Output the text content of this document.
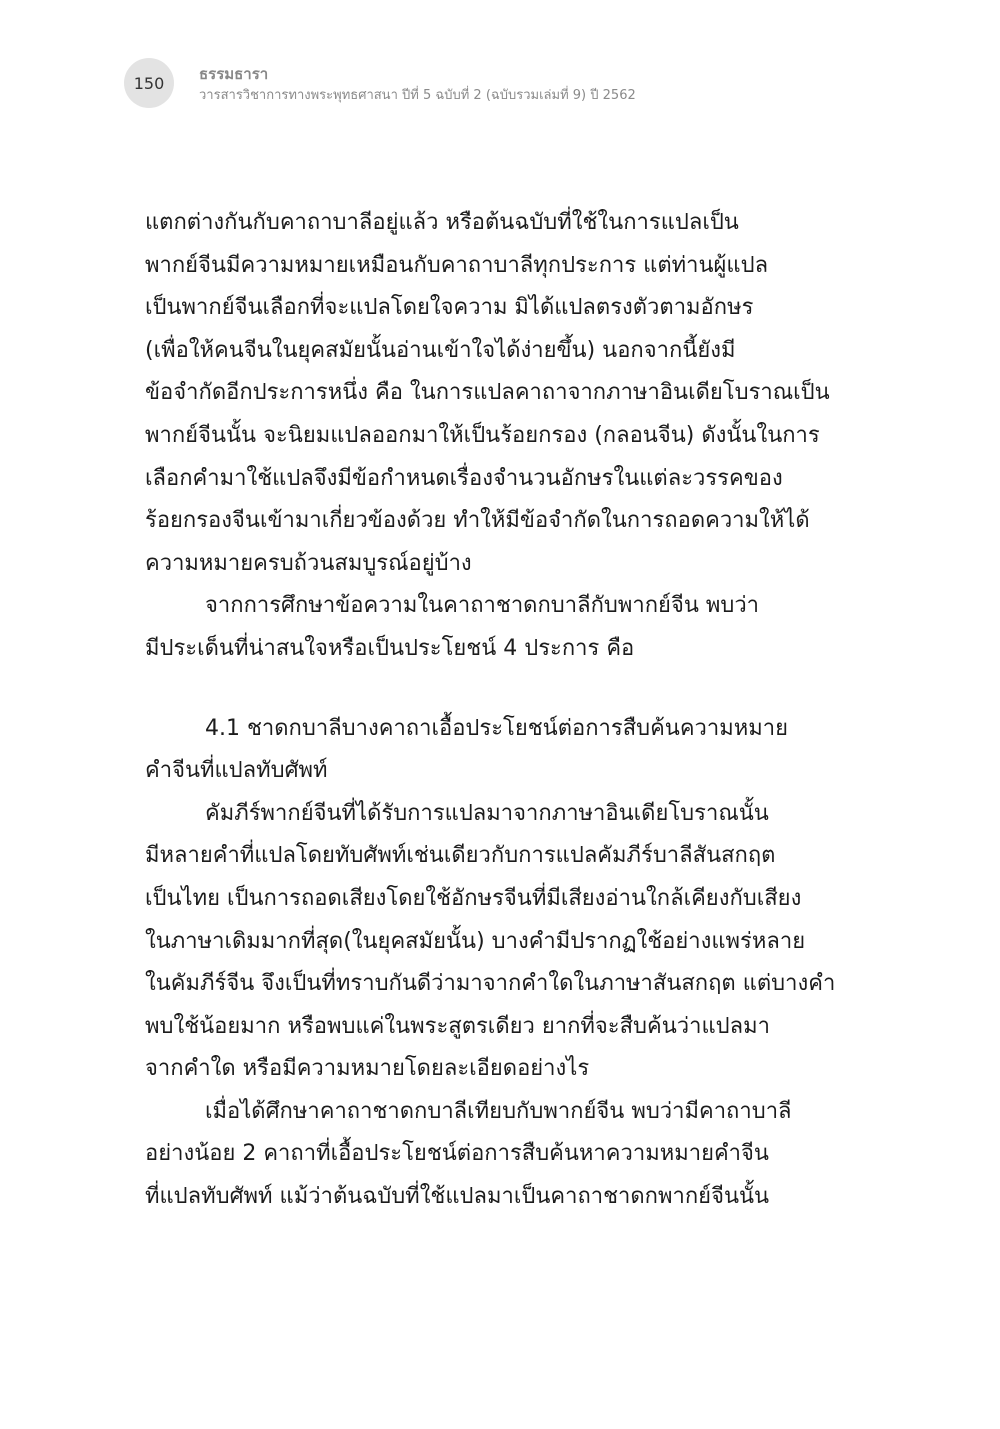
150	ธรรมธารา
วารสารวิชาการทางพระพุทธศาสนา ปีที่ 5 ฉบับที่ 2 (ฉบับรวมเล่มที่ 9) ปี 2562
แตกต่างกันกับคาถาบาลีอยู่แล้ว หรือต้นฉบับที่ใช้ในการแปลเป็น
พากย์จีนมีความหมายเหมือนกับคาถาบาลีทุกประการ แต่ท่านผู้แปล
เป็นพากย์จีนเลือกที่จะแปลโดยใจความ มิได้แปลตรงตัวตามอักษร
(เพื่อให้คนจีนในยุคสมัยนั้นอ่านเข้าใจได้ง่ายขึ้น) นอกจากนี้ยังมี
ข้อจำกัดอีกประการหนึ่ง คือ ในการแปลคาถาจากภาษาอินเดียโบราณเป็น
พากย์จีนนั้น จะนิยมแปลออกมาให้เป็นร้อยกรอง (กลอนจีน) ดังนั้นในการ
เลือกคำมาใช้แปลจึงมีข้อกำหนดเรื่องจำนวนอักษรในแต่ละวรรคของ
ร้อยกรองจีนเข้ามาเกี่ยวข้องด้วย ทำให้มีข้อจำกัดในการถอดความให้ได้
ความหมายครบถ้วนสมบูรณ์อยู่บ้าง
จากการศึกษาข้อความในคาถาชาดกบาลีกับพากย์จีน พบว่า
มีประเด็นที่น่าสนใจหรือเป็นประโยชน์ 4 ประการ คือ
4.1 ชาดกบาลีบางคาถาเอื้อประโยชน์ต่อการสืบค้นความหมาย
คำจีนที่แปลทับศัพท์
คัมภีร์พากย์จีนที่ได้รับการแปลมาจากภาษาอินเดียโบราณนั้น
มีหลายคำที่แปลโดยทับศัพท์เช่นเดียวกับการแปลคัมภีร์บาลีสันสกฤต
เป็นไทย เป็นการถอดเสียงโดยใช้อักษรจีนที่มีเสียงอ่านใกล้เคียงกับเสียง
ในภาษาเดิมมากที่สุด(ในยุคสมัยนั้น) บางคำมีปรากฏใช้อย่างแพร่หลาย
ในคัมภีร์จีน จึงเป็นที่ทราบกันดีว่ามาจากคำใดในภาษาสันสกฤต แต่บางคำ
พบใช้น้อยมาก หรือพบแค่ในพระสูตรเดียว ยากที่จะสืบค้นว่าแปลมา
จากคำใด หรือมีความหมายโดยละเอียดอย่างไร
เมื่อได้ศึกษาคาถาชาดกบาลีเทียบกับพากย์จีน พบว่ามีคาถาบาลี
อย่างน้อย 2 คาถาที่เอื้อประโยชน์ต่อการสืบค้นหาความหมายคำจีน
ที่แปลทับศัพท์ แม้ว่าต้นฉบับที่ใช้แปลมาเป็นคาถาชาดกพากย์จีนนั้น
